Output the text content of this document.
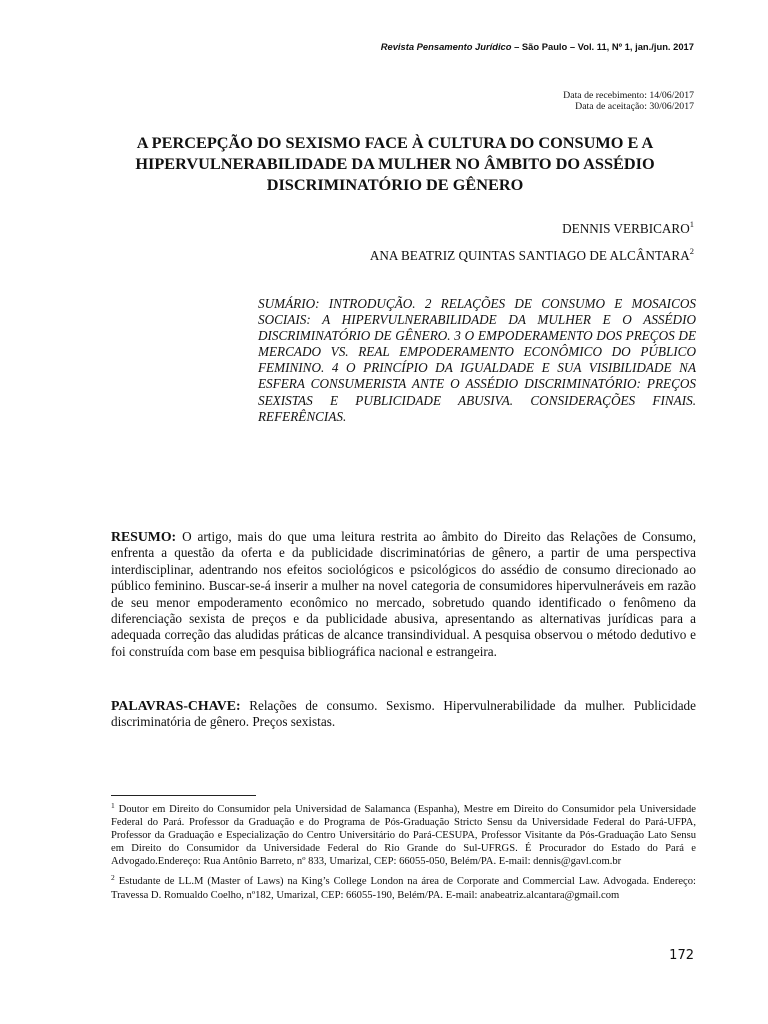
Revista Pensamento Jurídico – São Paulo – Vol. 11, Nº 1, jan./jun. 2017
Data de recebimento: 14/06/2017
Data de aceitação: 30/06/2017
A PERCEPÇÃO DO SEXISMO FACE À CULTURA DO CONSUMO E A HIPERVULNERABILIDADE DA MULHER NO ÂMBITO DO ASSÉDIO DISCRIMINATÓRIO DE GÊNERO
DENNIS VERBICARO$^1$
ANA BEATRIZ QUINTAS SANTIAGO DE ALCÂNTARA$^2$
SUMÁRIO: INTRODUÇÃO. 2 RELAÇÕES DE CONSUMO E MOSAICOS SOCIAIS: A HIPERVULNERABILIDADE DA MULHER E O ASSÉDIO DISCRIMINATÓRIO DE GÊNERO. 3 O EMPODERAMENTO DOS PREÇOS DE MERCADO VS. REAL EMPODERAMENTO ECONÔMICO DO PÚBLICO FEMININO. 4 O PRINCÍPIO DA IGUALDADE E SUA VISIBILIDADE NA ESFERA CONSUMERISTA ANTE O ASSÉDIO DISCRIMINATÓRIO: PREÇOS SEXISTAS E PUBLICIDADE ABUSIVA. CONSIDERAÇÕES FINAIS. REFERÊNCIAS.
RESUMO: O artigo, mais do que uma leitura restrita ao âmbito do Direito das Relações de Consumo, enfrenta a questão da oferta e da publicidade discriminatórias de gênero, a partir de uma perspectiva interdisciplinar, adentrando nos efeitos sociológicos e psicológicos do assédio de consumo direcionado ao público feminino. Buscar-se-á inserir a mulher na novel categoria de consumidores hipervulneráveis em razão de seu menor empoderamento econômico no mercado, sobretudo quando identificado o fenômeno da diferenciação sexista de preços e da publicidade abusiva, apresentando as alternativas jurídicas para a adequada correção das aludidas práticas de alcance transindividual. A pesquisa observou o método dedutivo e foi construída com base em pesquisa bibliográfica nacional e estrangeira.
PALAVRAS-CHAVE: Relações de consumo. Sexismo. Hipervulnerabilidade da mulher. Publicidade discriminatória de gênero. Preços sexistas.

$^1$ Doutor em Direito do Consumidor pela Universidad de Salamanca (Espanha), Mestre em Direito do Consumidor pela Universidade Federal do Pará. Professor da Graduação e do Programa de Pós-Graduação Stricto Sensu da Universidade Federal do Pará-UFPA, Professor da Graduação e Especialização do Centro Universitário do Pará-CESUPA, Professor Visitante da Pós-Graduação Lato Sensu em Direito do Consumidor da Universidade Federal do Rio Grande do Sul-UFRGS. É Procurador do Estado do Pará e Advogado.Endereço: Rua Antônio Barreto, nº 833, Umarizal, CEP: 66055-050, Belém/PA. E-mail: dennis@gavl.com.br

$^2$ Estudante de LL.M (Master of Laws) na King’s College London na área de Corporate and Commercial Law. Advogada. Endereço: Travessa D. Romualdo Coelho, nº182, Umarizal, CEP: 66055-190, Belém/PA. E-mail: anabeatriz.alcantara@gmail.com

172
